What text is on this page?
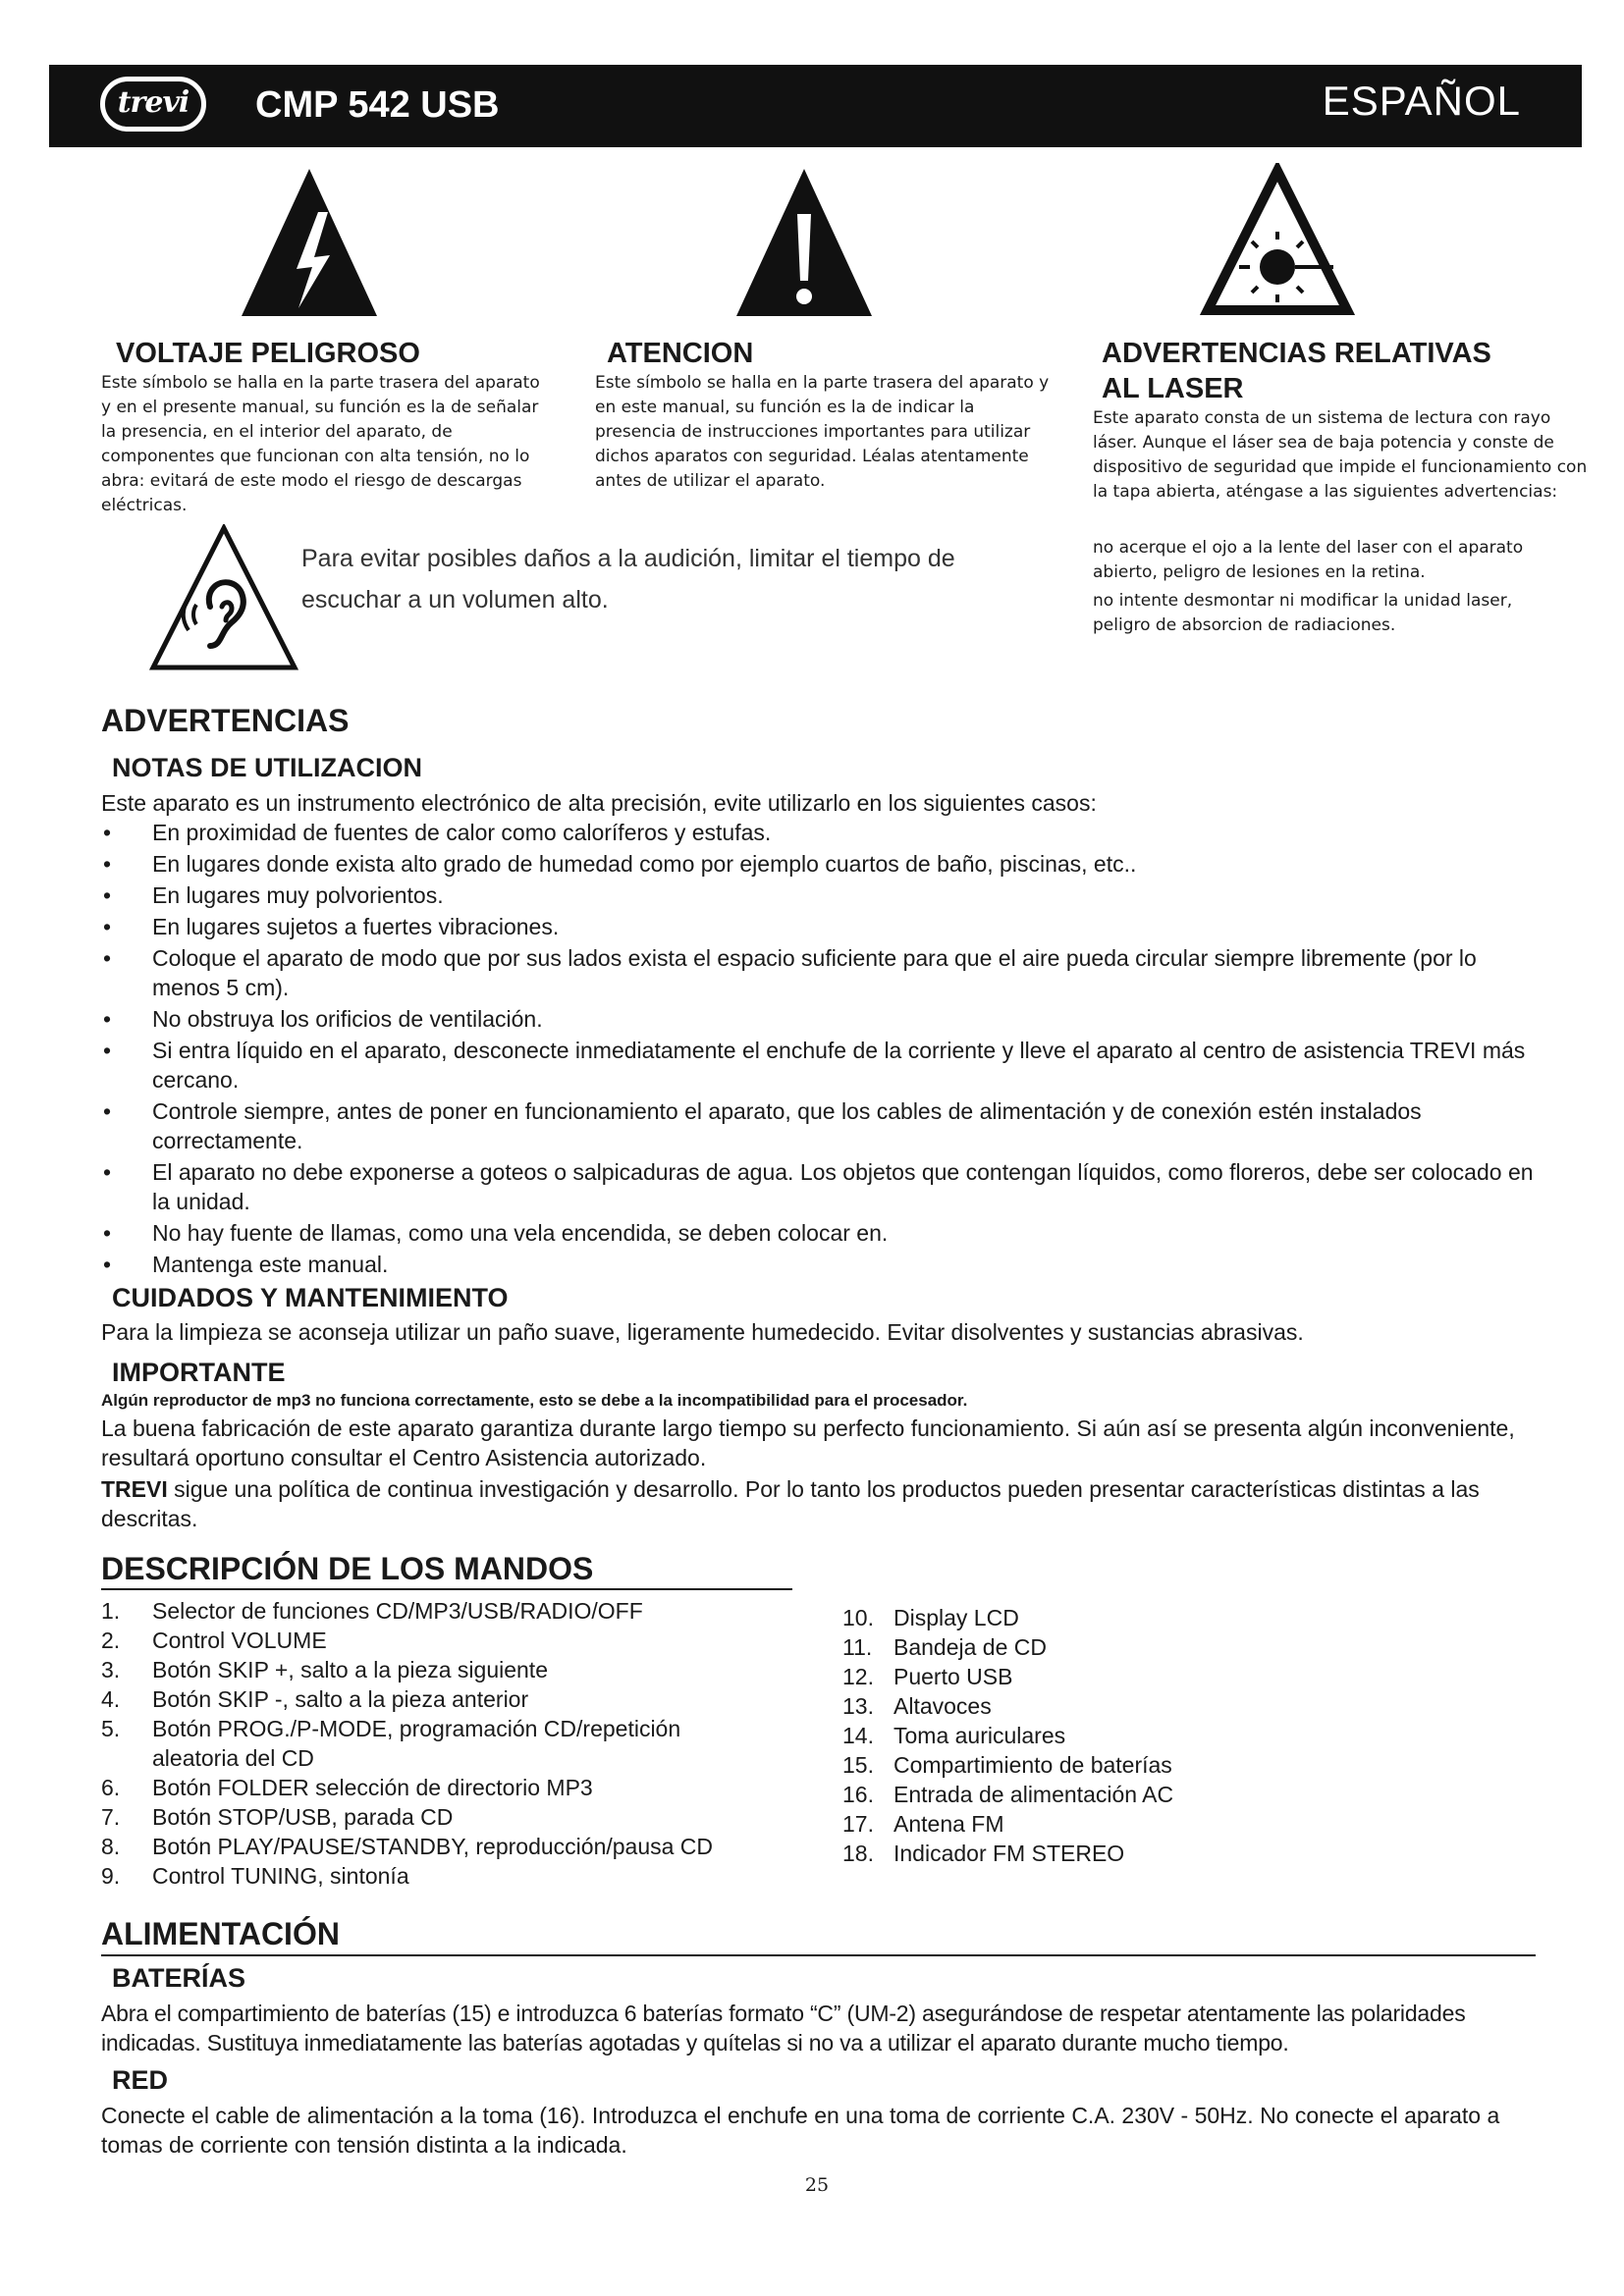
trevi	CMP 542 USB	ESPAÑOL
VOLTAJE PELIGROSO
Este símbolo se halla en la parte trasera del aparato y en el presente manual, su función es la de señalar la presencia, en el interior del aparato, de componentes que funcionan con alta tensión, no lo abra: evitará de este modo el riesgo de descargas eléctricas.
ATENCION
Este símbolo se halla en la parte trasera del aparato y en este manual, su función es la de indicar la presencia de instrucciones importantes para utilizar dichos aparatos con seguridad. Léalas atentamente antes de utilizar el aparato.
ADVERTENCIAS RELATIVAS
AL LASER
Este aparato consta de un sistema de lectura con rayo láser. Aunque el láser sea de baja potencia y conste de dispositivo de seguridad que impide el funcionamiento con la tapa abierta, aténgase a las siguientes advertencias:
no acerque el ojo a la lente del laser con el aparato abierto, peligro de lesiones en la retina.
no intente desmontar ni modificar la unidad laser, peligro de absorcion de radiaciones.
Para evitar posibles daños a la audición, limitar el tiempo de escuchar a un volumen alto.
ADVERTENCIAS
NOTAS DE UTILIZACION
Este aparato es un instrumento electrónico de alta precisión, evite utilizarlo en los siguientes casos:
• En proximidad de fuentes de calor como caloríferos y estufas.
• En lugares donde exista alto grado de humedad como por ejemplo cuartos de baño, piscinas, etc..
• En lugares muy polvorientos.
• En lugares sujetos a fuertes vibraciones.
• Coloque el aparato de modo que por sus lados exista el espacio suficiente para que el aire pueda circular siempre libremente (por lo menos 5 cm).
• No obstruya los orificios de ventilación.
• Si entra líquido en el aparato, desconecte inmediatamente el enchufe de la corriente y lleve el aparato al centro de asistencia TREVI más cercano.
• Controle siempre, antes de poner en funcionamiento el aparato, que los cables de alimentación y de conexión estén instalados correctamente.
• El aparato no debe exponerse a goteos o salpicaduras de agua. Los objetos que contengan líquidos, como floreros, debe ser colocado en la unidad.
• No hay fuente de llamas, como una vela encendida, se deben colocar en.
• Mantenga este manual.
CUIDADOS Y MANTENIMIENTO
Para la limpieza se aconseja utilizar un paño suave, ligeramente humedecido. Evitar disolventes y sustancias abrasivas.
IMPORTANTE
Algún reproductor de mp3 no funciona correctamente, esto se debe a la incompatibilidad para el procesador.
La buena fabricación de este aparato garantiza durante largo tiempo su perfecto funcionamiento. Si aún así se presenta algún inconveniente, resultará oportuno consultar el Centro Asistencia autorizado.
TREVI sigue una política de continua investigación y desarrollo. Por lo tanto los productos pueden presentar características distintas a las descritas.
DESCRIPCIÓN DE LOS MANDOS
1. Selector de funciones CD/MP3/USB/RADIO/OFF
2. Control VOLUME
3. Botón SKIP +, salto a la pieza siguiente
4. Botón SKIP -, salto a la pieza anterior
5. Botón PROG./P-MODE, programación CD/repetición aleatoria del CD
6. Botón FOLDER selección de directorio MP3
7. Botón STOP/USB, parada CD
8. Botón PLAY/PAUSE/STANDBY, reproducción/pausa CD
9. Control TUNING, sintonía
10. Display LCD
11. Bandeja de CD
12. Puerto USB
13. Altavoces
14. Toma auriculares
15. Compartimiento de baterías
16. Entrada de alimentación AC
17. Antena FM
18. Indicador FM STEREO
ALIMENTACIÓN
BATERÍAS
Abra el compartimiento de baterías (15) e introduzca 6 baterías formato “C” (UM-2) asegurándose de respetar atentamente las polaridades indicadas. Sustituya inmediatamente las baterías agotadas y quítelas si no va a utilizar el aparato durante mucho tiempo.
RED
Conecte el cable de alimentación a la toma (16). Introduzca el enchufe en una toma de corriente C.A. 230V - 50Hz. No conecte el aparato a tomas de corriente con tensión distinta a la indicada.
25
